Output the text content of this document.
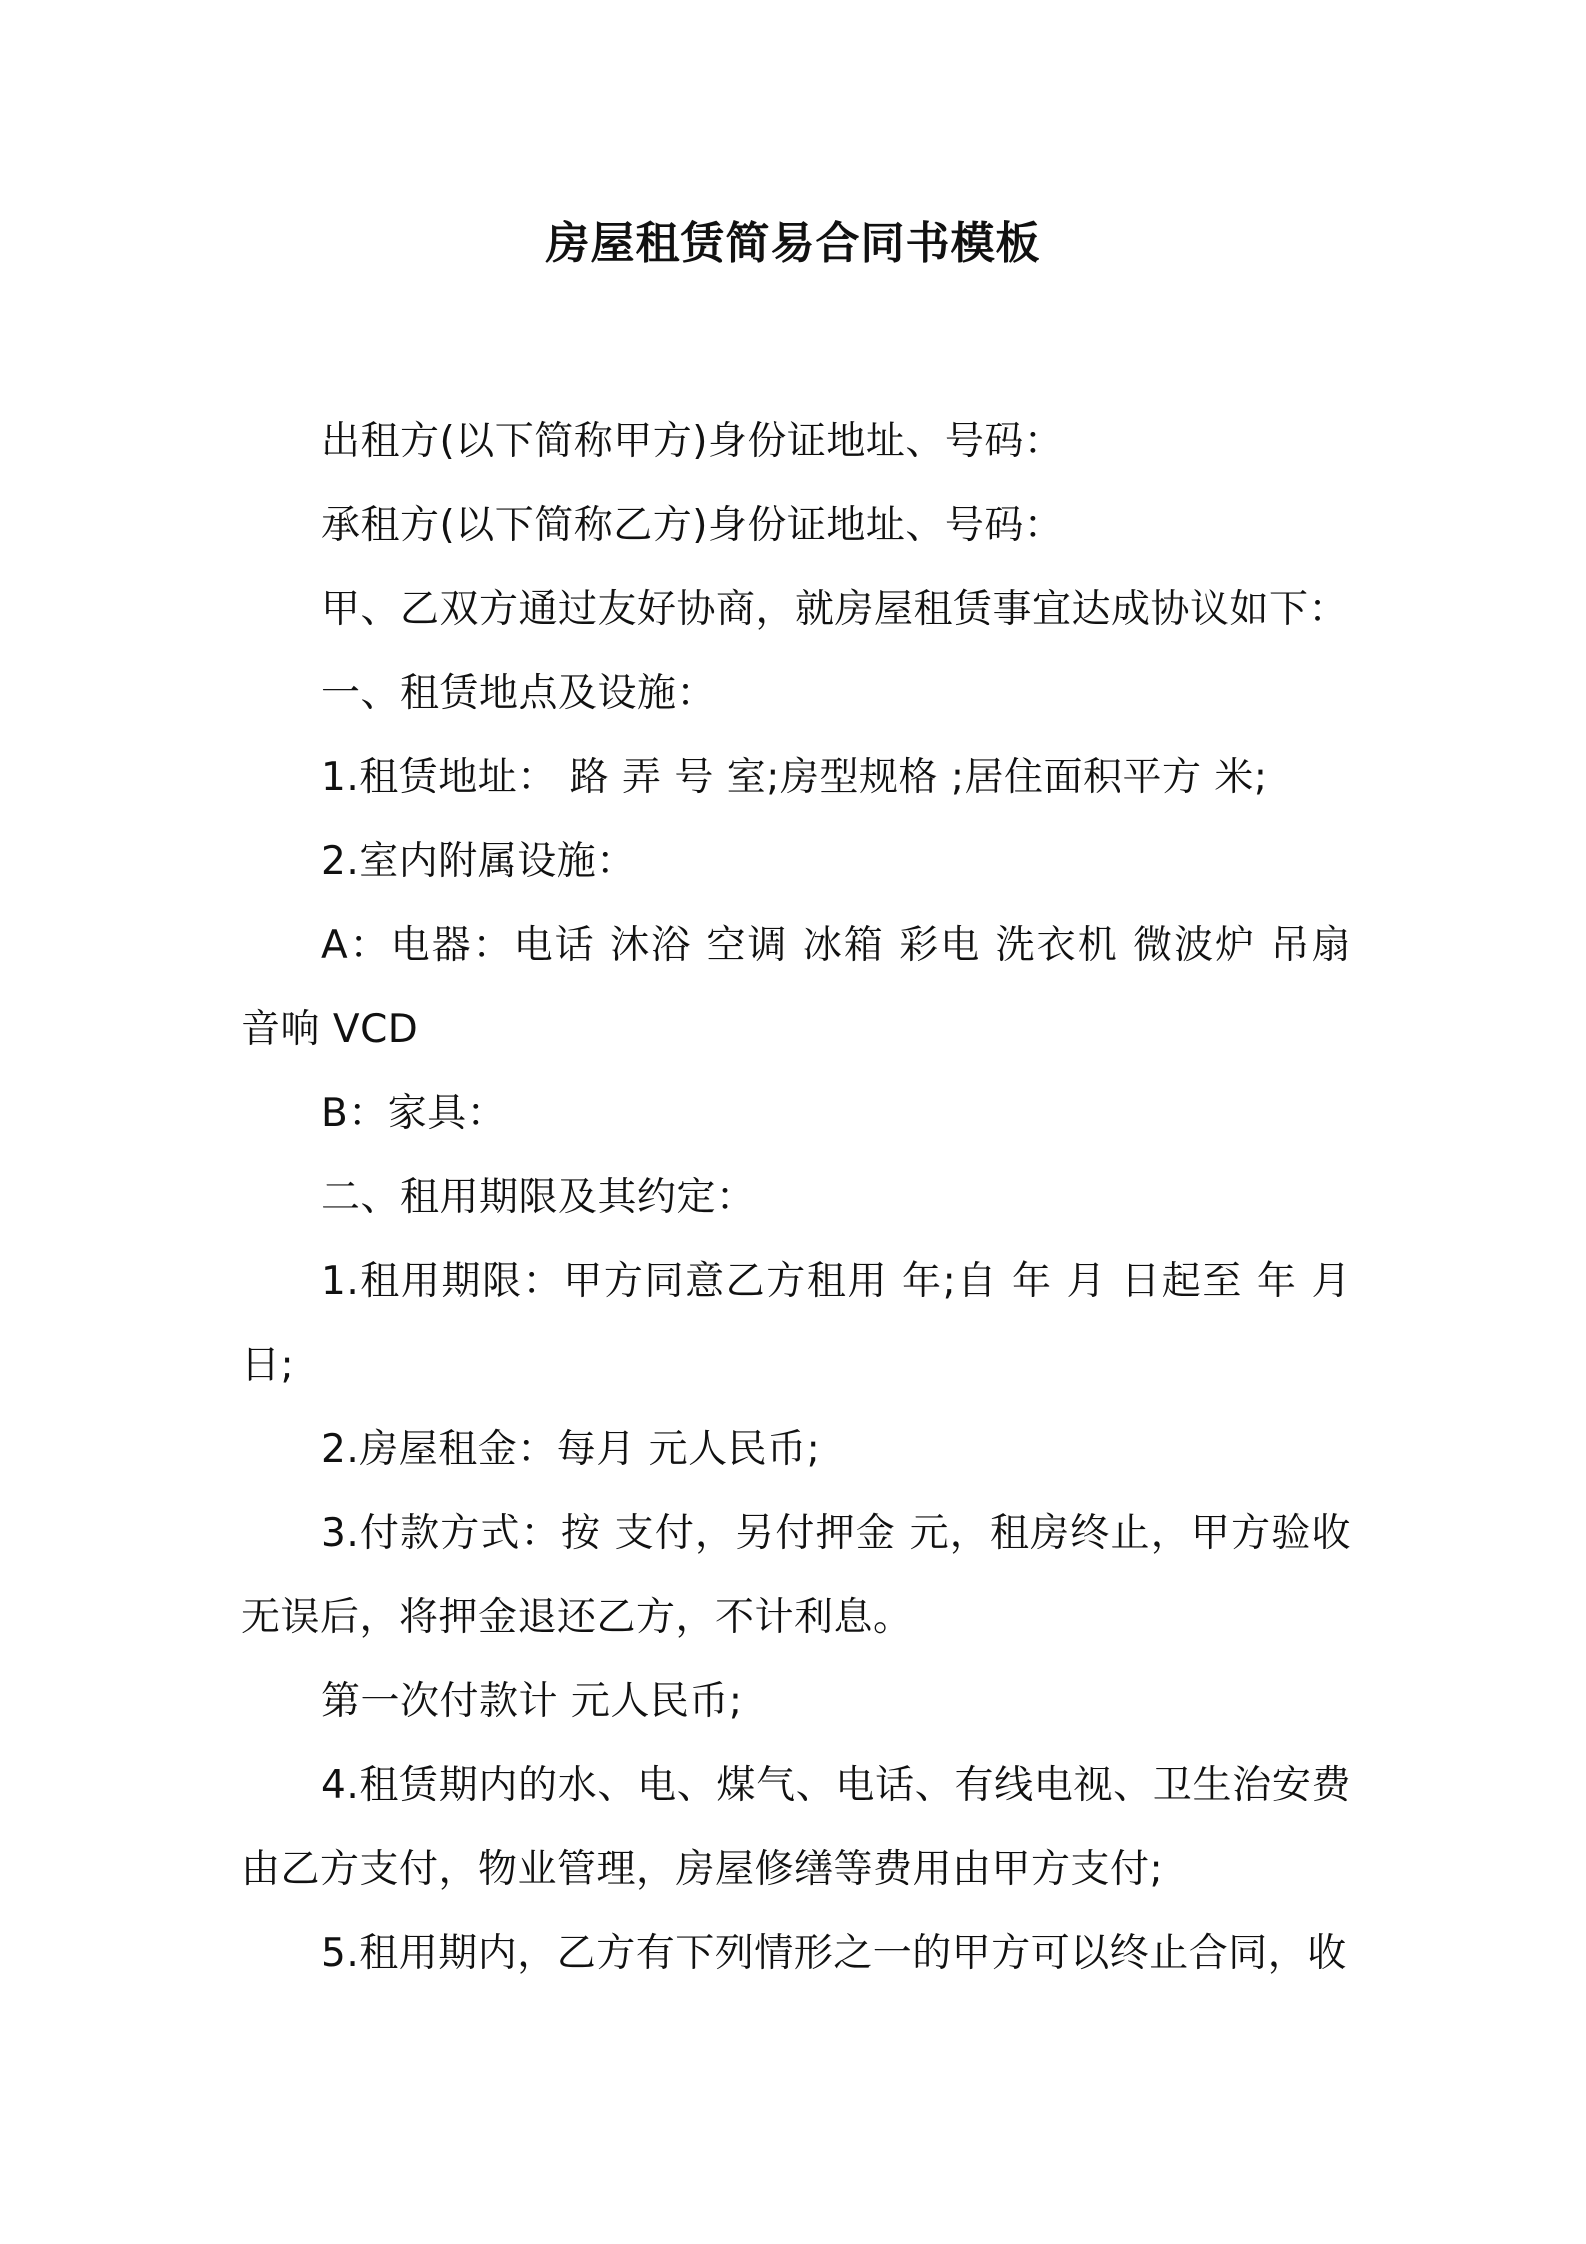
房屋租赁简易合同书模板

出租方(以下简称甲方)身份证地址、号码：

承租方(以下简称乙方)身份证地址、号码：

甲、乙双方通过友好协商，就房屋租赁事宜达成协议如下：

一、租赁地点及设施：

1.租赁地址： 路 弄 号 室;房型规格 ;居住面积平方 米;

2.室内附属设施：

A：电器：电话 沐浴 空调 冰箱 彩电 洗衣机 微波炉 吊扇 音响 VCD

B：家具：

二、租用期限及其约定：

1.租用期限：甲方同意乙方租用 年;自 年 月 日起至 年 月 日;

2.房屋租金：每月 元人民币;

3.付款方式：按 支付，另付押金 元，租房终止，甲方验收无误后，将押金退还乙方，不计利息。

第一次付款计 元人民币;

4.租赁期内的水、电、煤气、电话、有线电视、卫生治安费由乙方支付，物业管理，房屋修缮等费用由甲方支付;

5.租用期内，乙方有下列情形之一的甲方可以终止合同，收
